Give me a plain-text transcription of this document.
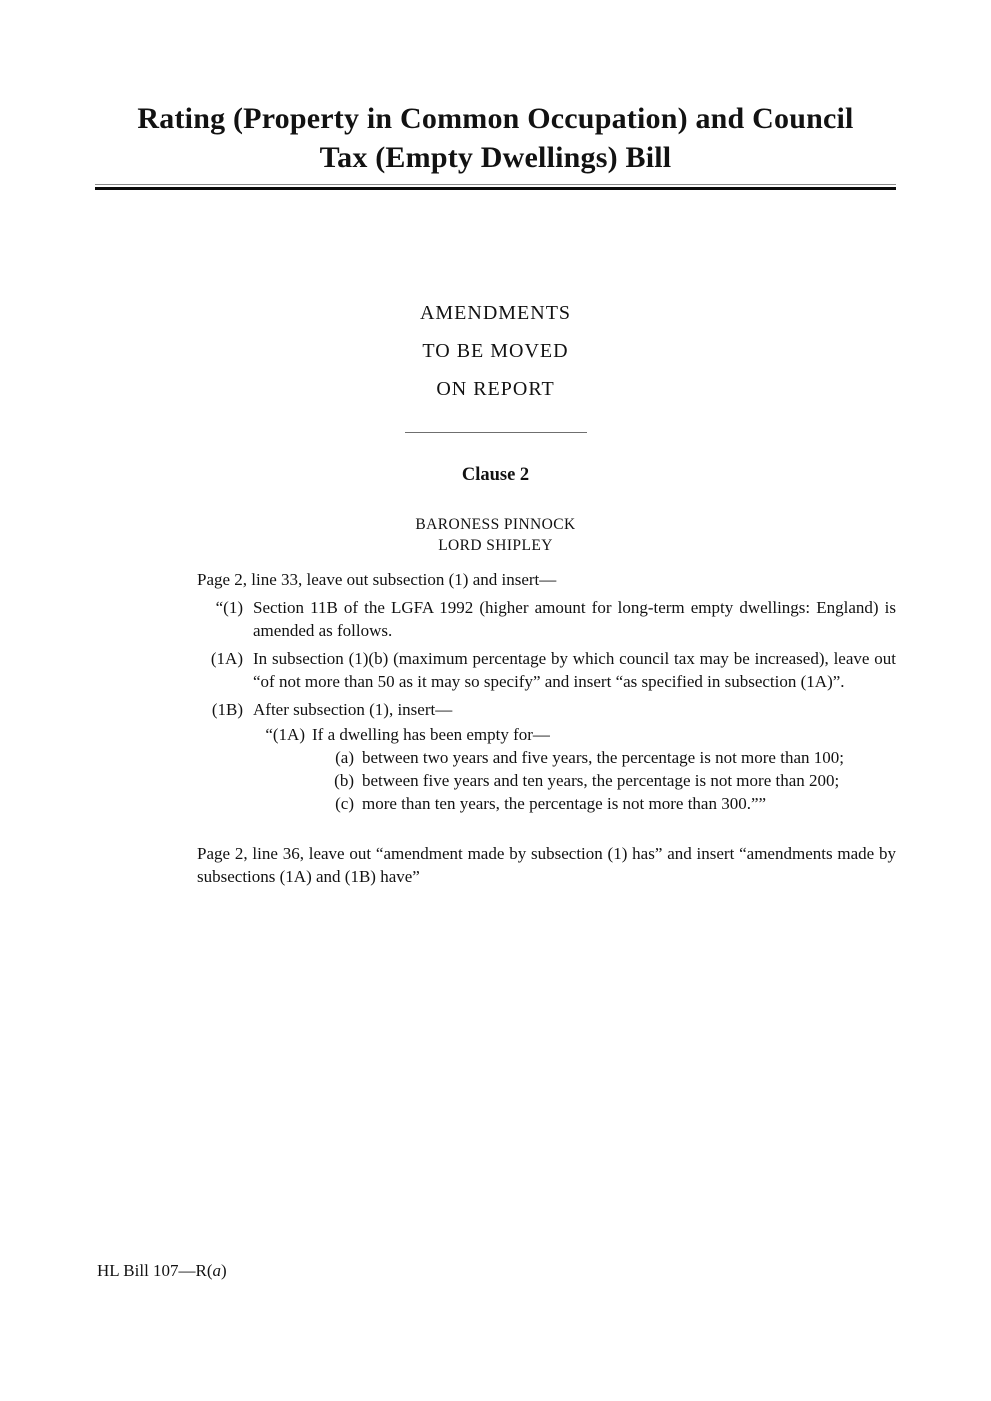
Rating (Property in Common Occupation) and Council
Tax (Empty Dwellings) Bill
AMENDMENTS
TO BE MOVED
ON REPORT
Clause 2
BARONESS PINNOCK
LORD SHIPLEY
Page 2, line 33, leave out subsection (1) and insert—
“(1) Section 11B of the LGFA 1992 (higher amount for long-term empty dwellings: England) is amended as follows.
(1A) In subsection (1)(b) (maximum percentage by which council tax may be increased), leave out “of not more than 50 as it may so specify” and insert “as specified in subsection (1A)”.
(1B) After subsection (1), insert—
“(1A) If a dwelling has been empty for—
(a) between two years and five years, the percentage is not more than 100;
(b) between five years and ten years, the percentage is not more than 200;
(c) more than ten years, the percentage is not more than 300.””
Page 2, line 36, leave out “amendment made by subsection (1) has” and insert “amendments made by subsections (1A) and (1B) have”
HL Bill 107—R(a)
